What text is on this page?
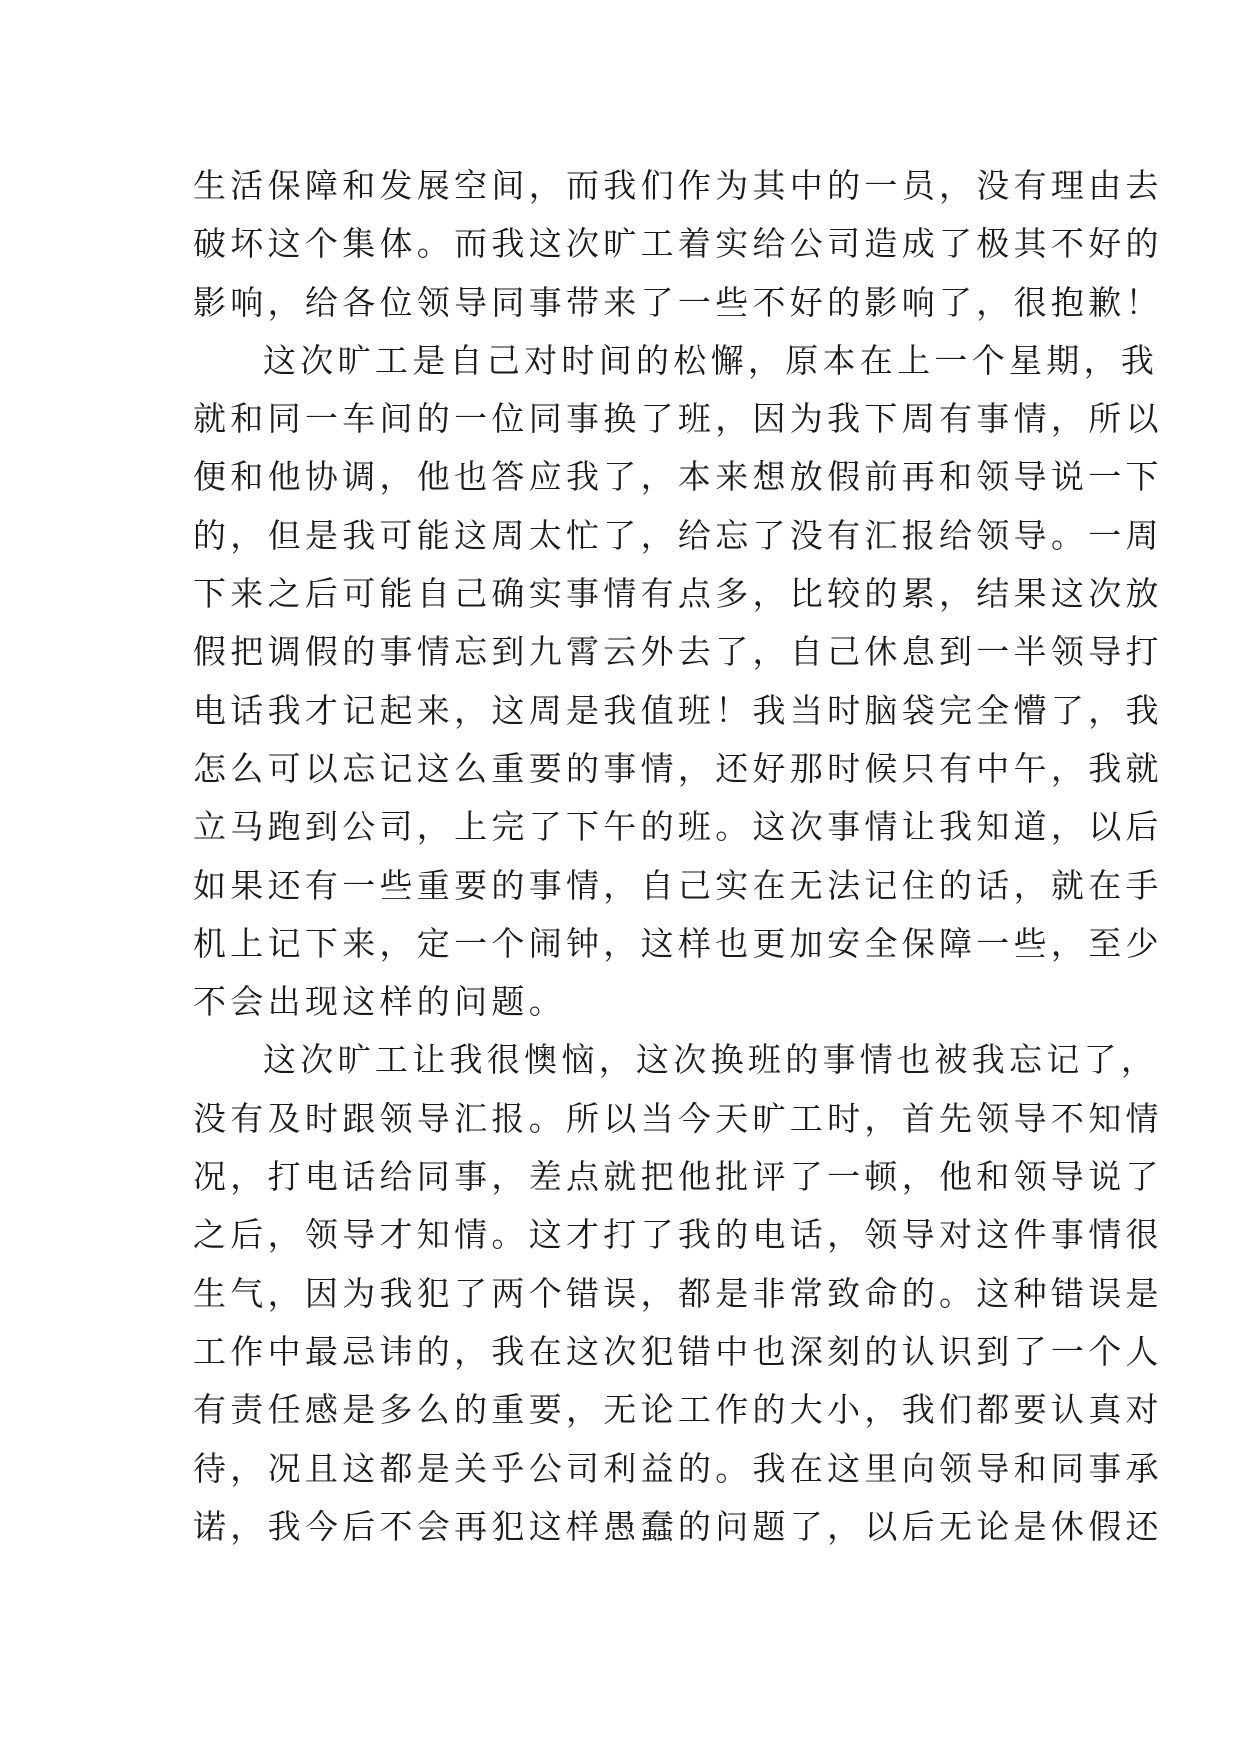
生活保障和发展空间，而我们作为其中的一员，没有理由去
破坏这个集体。而我这次旷工着实给公司造成了极其不好的
影响，给各位领导同事带来了一些不好的影响了，很抱歉！
这次旷工是自己对时间的松懈，原本在上一个星期，我
就和同一车间的一位同事换了班，因为我下周有事情，所以
便和他协调，他也答应我了，本来想放假前再和领导说一下
的，但是我可能这周太忙了，给忘了没有汇报给领导。一周
下来之后可能自己确实事情有点多，比较的累，结果这次放
假把调假的事情忘到九霄云外去了，自己休息到一半领导打
电话我才记起来，这周是我值班！我当时脑袋完全懵了，我
怎么可以忘记这么重要的事情，还好那时候只有中午，我就
立马跑到公司，上完了下午的班。这次事情让我知道，以后
如果还有一些重要的事情，自己实在无法记住的话，就在手
机上记下来，定一个闹钟，这样也更加安全保障一些，至少
不会出现这样的问题。
这次旷工让我很懊恼，这次换班的事情也被我忘记了，
没有及时跟领导汇报。所以当今天旷工时，首先领导不知情
况，打电话给同事，差点就把他批评了一顿，他和领导说了
之后，领导才知情。这才打了我的电话，领导对这件事情很
生气，因为我犯了两个错误，都是非常致命的。这种错误是
工作中最忌讳的，我在这次犯错中也深刻的认识到了一个人
有责任感是多么的重要，无论工作的大小，我们都要认真对
待，况且这都是关乎公司利益的。我在这里向领导和同事承
诺，我今后不会再犯这样愚蠢的问题了，以后无论是休假还
